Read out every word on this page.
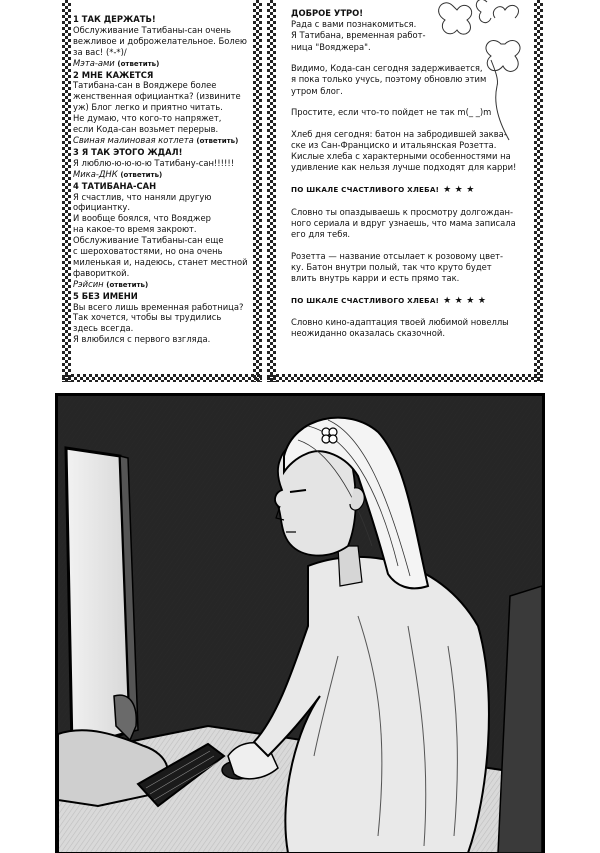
1 ТАК ДЕРЖАТЬ!
Обслуживание Татибаны-сан очень
вежливое и доброжелательное. Болею
за вас! (*-*)/
Мэта-ами (ответить)
2 МНЕ КАЖЕТСЯ
Татибана-сан в Вояджере более
женственная официантка? (извините
уж) Блог легко и приятно читать.
Не думаю, что кого-то напряжет,
если Кода-сан возьмет перерыв.
Свиная малиновая котлета (ответить)
3 Я ТАК ЭТОГО ЖДАЛ!
Я люблю-ю-ю-ю-ю Татибану-сан!!!!!!
Мика-ДНК (ответить)
4 ТАТИБАНА-САН
Я счастлив, что наняли другую
официантку.
И вообще боялся, что Вояджер
на какое-то время закроют.
Обслуживание Татибаны-сан еще
с шероховатостями, но она очень
миленькая и, надеюсь, станет местной
фавориткой.
Рэйсин (ответить)
5 БЕЗ ИМЕНИ
Вы всего лишь временная работница?
Так хочется, чтобы вы трудились
здесь всегда.
Я влюбился с первого взгляда.

ДОБРОЕ УТРО!
Рада с вами познакомиться.
Я Татибана, временная работ-
ница "Вояджера".

Видимо, Кода-сан сегодня задерживается,
я пока только учусь, поэтому обновлю этим
утром блог.

Простите, если что-то пойдет не так m(_ _)m

Хлеб дня сегодня: батон на забродившей заква-
ске из Сан-Франциско и итальянская Розетта.
Кислые хлеба с характерными особенностями на
удивление как нельзя лучше подходят для карри!

ПО ШКАЛЕ СЧАСТЛИВОГО ХЛЕБА! ★ ★ ★

Словно ты опаздываешь к просмотру долгождан-
ного сериала и вдруг узнаешь, что мама записала
его для тебя.

Розетта — название отсылает к розовому цвет-
ку. Батон внутри полый, так что круто будет
влить внутрь карри и есть прямо так.

ПО ШКАЛЕ СЧАСТЛИВОГО ХЛЕБА! ★ ★ ★ ★

Словно кино-адаптация твоей любимой новеллы
неожиданно оказалась сказочной.
